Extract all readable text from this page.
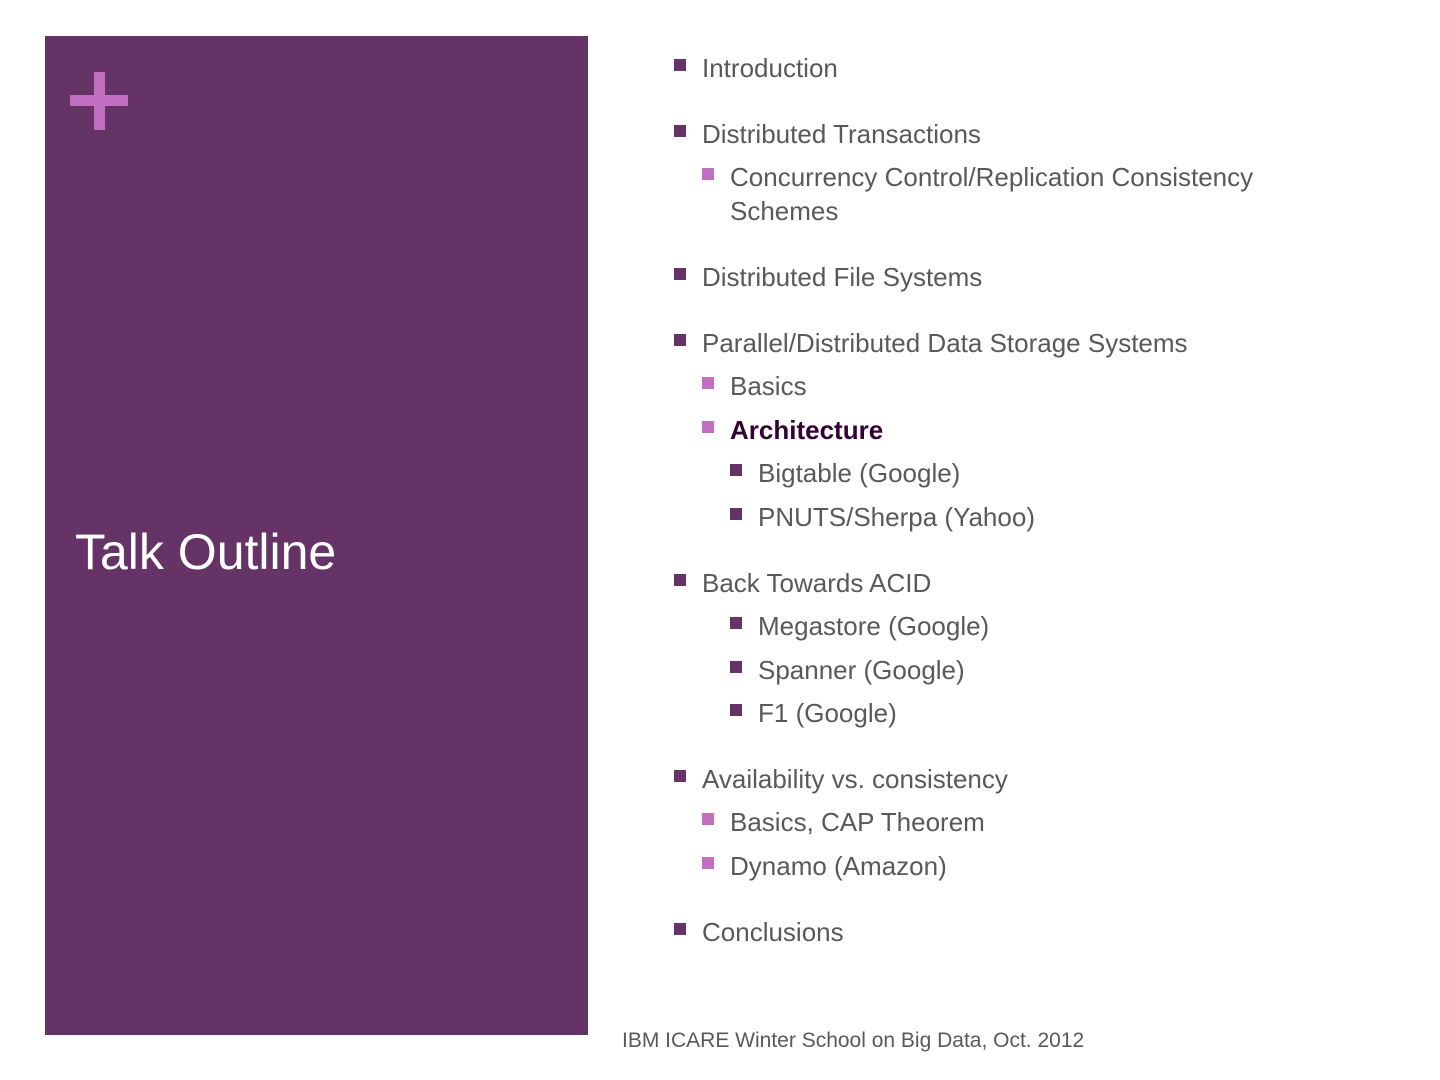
Talk Outline
Introduction
Distributed Transactions
Concurrency Control/Replication Consistency
Schemes
Distributed File Systems
Parallel/Distributed Data Storage Systems
Basics
Architecture
Bigtable (Google)
PNUTS/Sherpa (Yahoo)
Back Towards ACID
Megastore (Google)
Spanner (Google)
F1 (Google)
Availability vs. consistency
Basics, CAP Theorem
Dynamo (Amazon)
Conclusions
IBM ICARE Winter School on Big Data, Oct. 2012
